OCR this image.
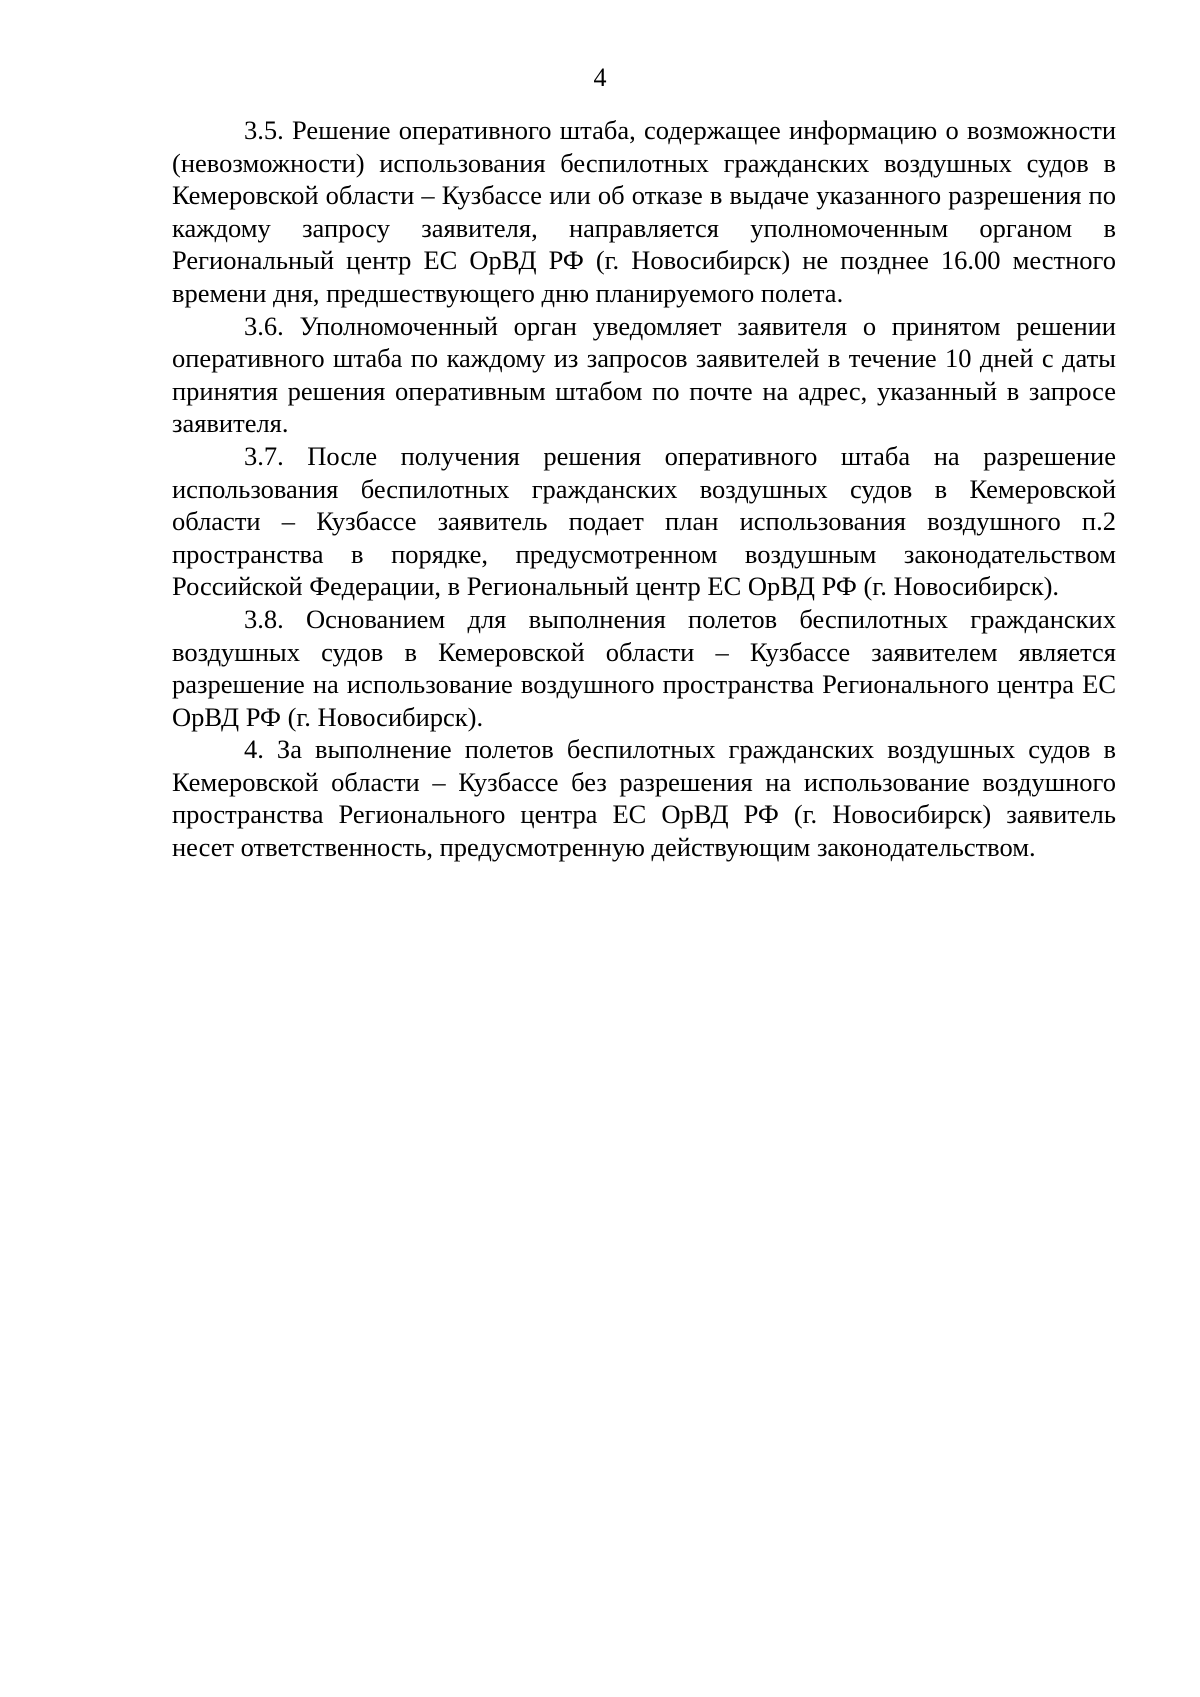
4

3.5. Решение оперативного штаба, содержащее информацию о возможности (невозможности) использования беспилотных гражданских воздушных судов в Кемеровской области – Кузбассе или об отказе в выдаче указанного разрешения по каждому запросу заявителя, направляется уполномоченным органом в Региональный центр ЕС ОрВД РФ (г. Новосибирск) не позднее 16.00 местного времени дня, предшествующего дню планируемого полета.

3.6. Уполномоченный орган уведомляет заявителя о принятом решении оперативного штаба по каждому из запросов заявителей в течение 10 дней с даты принятия решения оперативным штабом по почте на адрес, указанный в запросе заявителя.

3.7. После получения решения оперативного штаба на разрешение использования беспилотных гражданских воздушных судов в Кемеровской области – Кузбассе заявитель подает план использования воздушного п.2 пространства в порядке, предусмотренном воздушным законодательством Российской Федерации, в Региональный центр ЕС ОрВД РФ (г. Новосибирск).

3.8. Основанием для выполнения полетов беспилотных гражданских воздушных судов в Кемеровской области – Кузбассе заявителем является разрешение на использование воздушного пространства Регионального центра ЕС ОрВД РФ (г. Новосибирск).

4. За выполнение полетов беспилотных гражданских воздушных судов в Кемеровской области – Кузбассе без разрешения на использование воздушного пространства Регионального центра ЕС ОрВД РФ (г. Новосибирск) заявитель несет ответственность, предусмотренную действующим законодательством.
